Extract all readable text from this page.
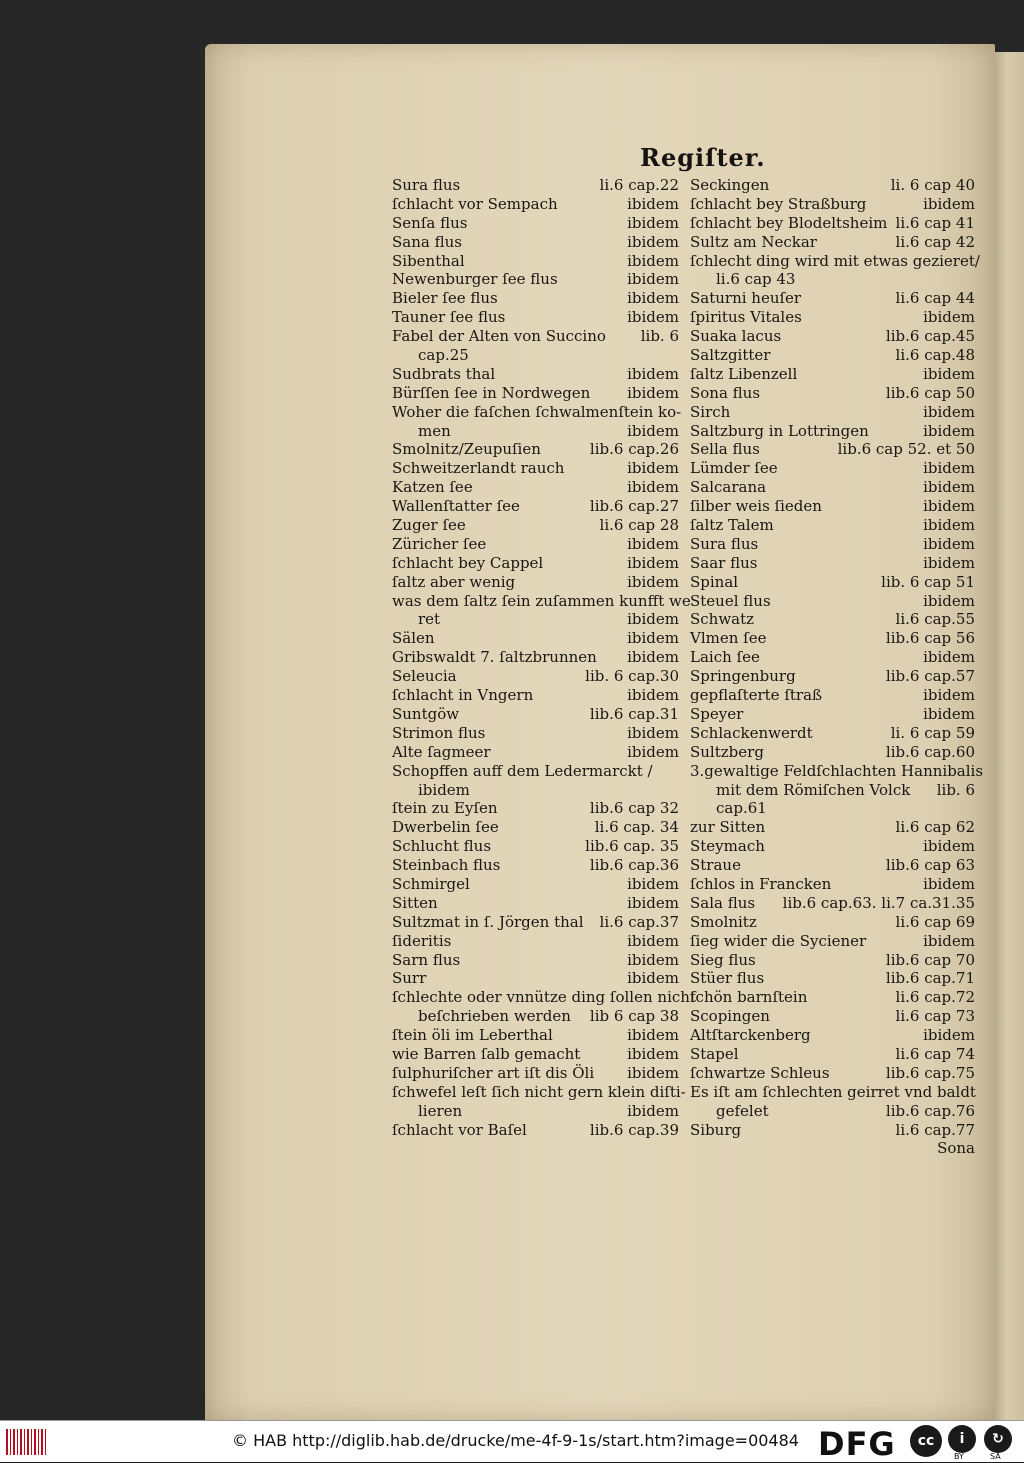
Regiſter.
Sura flus	li.6 cap.22
ſchlacht vor Sempach	ibidem
Senſa flus	ibidem
Sana flus	ibidem
Sibenthal	ibidem
Newenburger ſee flus	ibidem
Bieler ſee flus	ibidem
Tauner ſee flus	ibidem
Fabel der Alten von Succino lib. 6
cap.25
Sudbrats thal	ibidem
Bürſſen ſee in Nordwegen ibidem
Woher die faſchen ſchwalmenſtein ko-
men	ibidem
Smolnitz/Zeupuſien	lib.6 cap.26
Schweitzerlandt rauch	ibidem
Katzen ſee	ibidem
Wallenſtatter ſee	lib.6 cap.27
Zuger ſee	li.6 cap 28
Züricher ſee	ibidem
ſchlacht bey Cappel	ibidem
ſaltz aber wenig	ibidem
was dem ſaltz ſein zuſammen kunfft we
ret	ibidem
Sälen	ibidem
Gribswaldt 7. ſaltzbrunnen ibidem
Seleucia	lib. 6 cap.30
ſchlacht in Vngern	ibidem
Suntgöw	lib.6 cap.31
Strimon flus	ibidem
Alte ſagmeer	ibidem
Schopffen auff dem Ledermarckt /
ibidem
ſtein zu Eyſen	lib.6 cap 32
Dwerbelin ſee	li.6 cap. 34
Schlucht flus	lib.6 cap. 35
Steinbach flus	lib.6 cap.36
Schmirgel	ibidem
Sitten	ibidem
Sultzmat in ſ. Jörgen thal li.6 cap.37
ſideritis	ibidem
Sarn flus	ibidem
Surr	ibidem
ſchlechte oder vnnütze ding ſollen nicht
beſchrieben werden lib 6 cap 38
ſtein öli im Leberthal	ibidem
wie Barren ſalb gemacht	ibidem
ſulphuriſcher art iſt dis Öli ibidem
ſchwefel leſt ſich nicht gern klein diſti-
lieren	ibidem
ſchlacht vor Baſel	lib.6 cap.39
Seckingen	li. 6 cap 40
ſchlacht bey Straßburg	ibidem
ſchlacht bey Blodeltsheim li.6 cap 41
Sultz am Neckar	li.6 cap 42
ſchlecht ding wird mit etwas gezieret/
li.6 cap 43
Saturni heuſer	li.6 cap 44
ſpiritus Vitales	ibidem
Suaka lacus	lib.6 cap.45
Saltzgitter	li.6 cap.48
ſaltz Libenzell	ibidem
Sona flus	lib.6 cap 50
Sirch	ibidem
Saltzburg in Lottringen	ibidem
Sella flus	lib.6 cap 52. et 50
Lümder ſee	ibidem
Salcarana	ibidem
ſilber weis ſieden	ibidem
ſaltz Talem	ibidem
Sura flus	ibidem
Saar flus	ibidem
Spinal	lib. 6 cap 51
Steuel flus	ibidem
Schwatz	li.6 cap.55
Vlmen ſee	lib.6 cap 56
Laich ſee	ibidem
Springenburg	lib.6 cap.57
gepflaſterte ſtraß	ibidem
Speyer	ibidem
Schlackenwerdt	li. 6 cap 59
Sultzberg	lib.6 cap.60
3.gewaltige Feldſchlachten Hannibalis
mit dem Römiſchen Volck lib. 6
cap.61
zur Sitten	li.6 cap 62
Steymach	ibidem
Straue	lib.6 cap 63
ſchlos in Francken	ibidem
Sala flus lib.6 cap.63. li.7 ca.31.35
Smolnitz	li.6 cap 69
ſieg wider die Syciener	ibidem
Sieg flus	lib.6 cap 70
Stüer flus	lib.6 cap.71
ſchön barnſtein	li.6 cap.72
Scopingen	li.6 cap 73
Altſtarckenberg	ibidem
Stapel	li.6 cap 74
ſchwartze Schleus	lib.6 cap.75
Es iſt am ſchlechten geirret vnd baldt
gefelet	lib.6 cap.76
Siburg	li.6 cap.77
Sona
© HAB http://diglib.hab.de/drucke/me-4f-9-1s/start.htm?image=00484 DFG	cc	i
BY
↻
SA
